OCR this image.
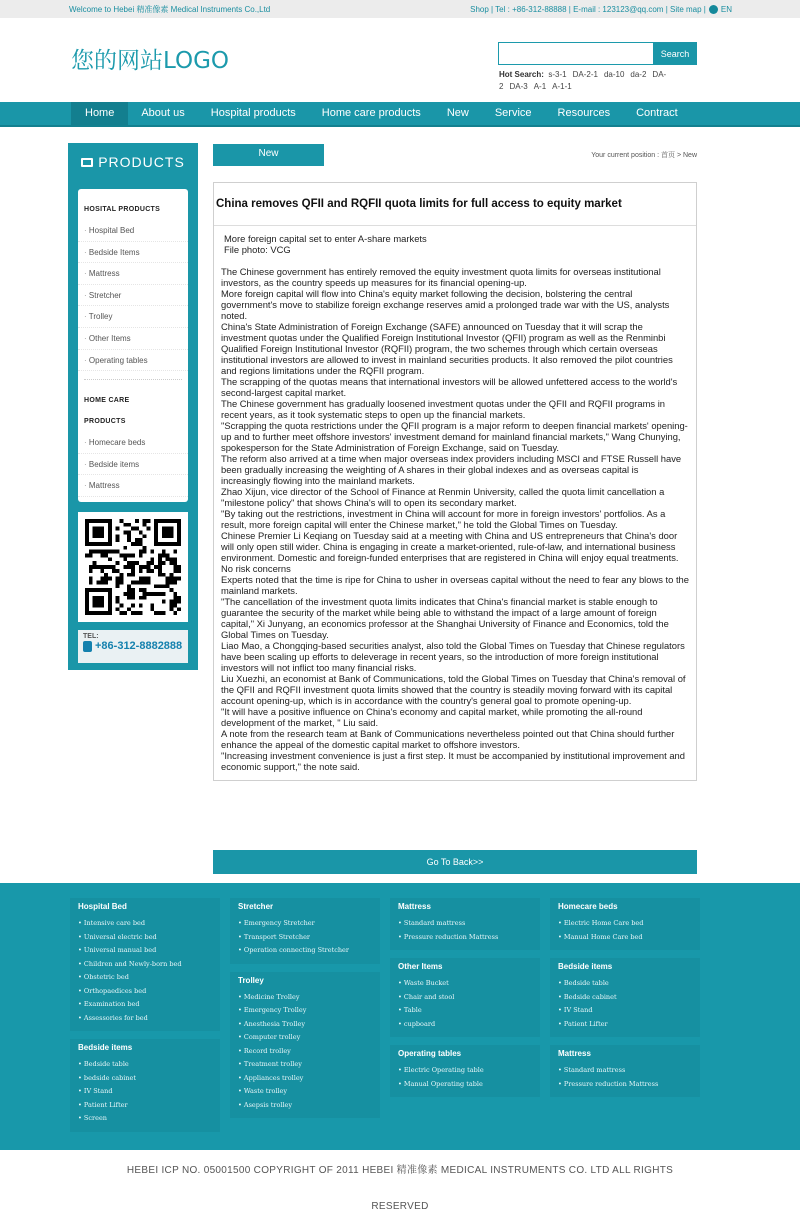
Welcome to Hebei 精准像素 Medical Instruments Co.,Ltd	Shop | Tel : +86-312-88888 | E-mail : 123123@qq.com | Site map | EN
您的网站LOGO	Search
Hot Search: s-3-1 DA-2-1 da-10 da-2 DA-2 DA-3 A-1 A-1-1
Home	About us	Hospital products	Home care products	New	Service	Resources	Contract
PRODUCTS
HOSITAL PRODUCTS
· Hospital Bed
· Bedside Items
· Mattress
· Stretcher
· Trolley
· Other Items
· Operating tables
HOME CARE PRODUCTS
· Homecare beds
· Bedside items
· Mattress
TEL:
+86-312-8882888
New	Your current position : 首页 > New
China removes QFII and RQFII quota limits for full access to equity market

More foreign capital set to enter A-share markets

File photo: VCG

The Chinese government has entirely removed the equity investment quota limits for overseas institutional investors, as the country speeds up measures for its financial opening-up.

More foreign capital will flow into China's equity market following the decision, bolstering the central government's move to stabilize foreign exchange reserves amid a prolonged trade war with the US, analysts noted.

China's State Administration of Foreign Exchange (SAFE) announced on Tuesday that it will scrap the investment quotas under the Qualified Foreign Institutional Investor (QFII) program as well as the Renminbi Qualified Foreign Institutional Investor (RQFII) program, the two schemes through which certain overseas institutional investors are allowed to invest in mainland securities products. It also removed the pilot countries and regions limitations under the RQFII program.

The scrapping of the quotas means that international investors will be allowed unfettered access to the world's second-largest capital market.

The Chinese government has gradually loosened investment quotas under the QFII and RQFII programs in recent years, as it took systematic steps to open up the financial markets.

"Scrapping the quota restrictions under the QFII program is a major reform to deepen financial markets' opening-up and to further meet offshore investors' investment demand for mainland financial markets," Wang Chunying, spokesperson for the State Administration of Foreign Exchange, said on Tuesday.

The reform also arrived at a time when major overseas index providers including MSCI and FTSE Russell have been gradually increasing the weighting of A shares in their global indexes and as overseas capital is increasingly flowing into the mainland markets.

Zhao Xijun, vice director of the School of Finance at Renmin University, called the quota limit cancellation a "milestone policy" that shows China's will to open its secondary market.

"By taking out the restrictions, investment in China will account for more in foreign investors' portfolios. As a result, more foreign capital will enter the Chinese market," he told the Global Times on Tuesday.

Chinese Premier Li Keqiang on Tuesday said at a meeting with China and US entrepreneurs that China's door will only open still wider. China is engaging in create a market-oriented, rule-of-law, and international business environment. Domestic and foreign-funded enterprises that are registered in China will enjoy equal treatments.

No risk concerns

Experts noted that the time is ripe for China to usher in overseas capital without the need to fear any blows to the mainland markets.

"The cancellation of the investment quota limits indicates that China's financial market is stable enough to guarantee the security of the market while being able to withstand the impact of a large amount of foreign capital," Xi Junyang, an economics professor at the Shanghai University of Finance and Economics, told the Global Times on Tuesday.

Liao Mao, a Chongqing-based securities analyst, also told the Global Times on Tuesday that Chinese regulators have been scaling up efforts to deleverage in recent years, so the introduction of more foreign institutional investors will not inflict too many financial risks.

Liu Xuezhi, an economist at Bank of Communications, told the Global Times on Tuesday that China's removal of the QFII and RQFII investment quota limits showed that the country is steadily moving forward with its capital account opening-up, which is in accordance with the country's general goal to promote opening-up.

"It will have a positive influence on China's economy and capital market, while promoting the all-round development of the market, " Liu said.

A note from the research team at Bank of Communications nevertheless pointed out that China should further enhance the appeal of the domestic capital market to offshore investors.

"Increasing investment convenience is just a first step. It must be accompanied by institutional improvement and economic support," the note said.

Go To Back>>
Hospital Bed
• Intensive care bed
• Universal electric bed
• Universal manual bed
• Children and Newly-born bed
• Obstetric bed
• Orthopaedices bed
• Examination bed
• Assessories for bed
Bedside items
• Bedside table
• bedside cabinet
• IV Stand
• Patient Lifter
• Screen
Stretcher
• Emergency Stretcher
• Transport Stretcher
• Operation connecting Stretcher
Trolley
• Medicine Trolley
• Emergency Trolley
• Anesthesia Trolley
• Computer trolley
• Record trolley
• Treatment trolley
• Appliances trolley
• Waste trolley
• Asepsis trolley
Mattress
• Standard mattress
• Pressure reduction Mattress
Other Items
• Waste Bucket
• Chair and stool
• Table
• cupboard
Operating tables
• Electric Operating table
• Manual Operating table
Homecare beds
• Electric Home Care bed
• Manual Home Care bed
Bedside items
• Bedside table
• Bedside cabinet
• IV Stand
• Patient Lifter
Mattress
• Standard mattress
• Pressure reduction Mattress
HEBEI ICP NO. 05001500 COPYRIGHT OF 2011 HEBEI 精准像素 MEDICAL INSTRUMENTS CO. LTD ALL RIGHTS
RESERVED
